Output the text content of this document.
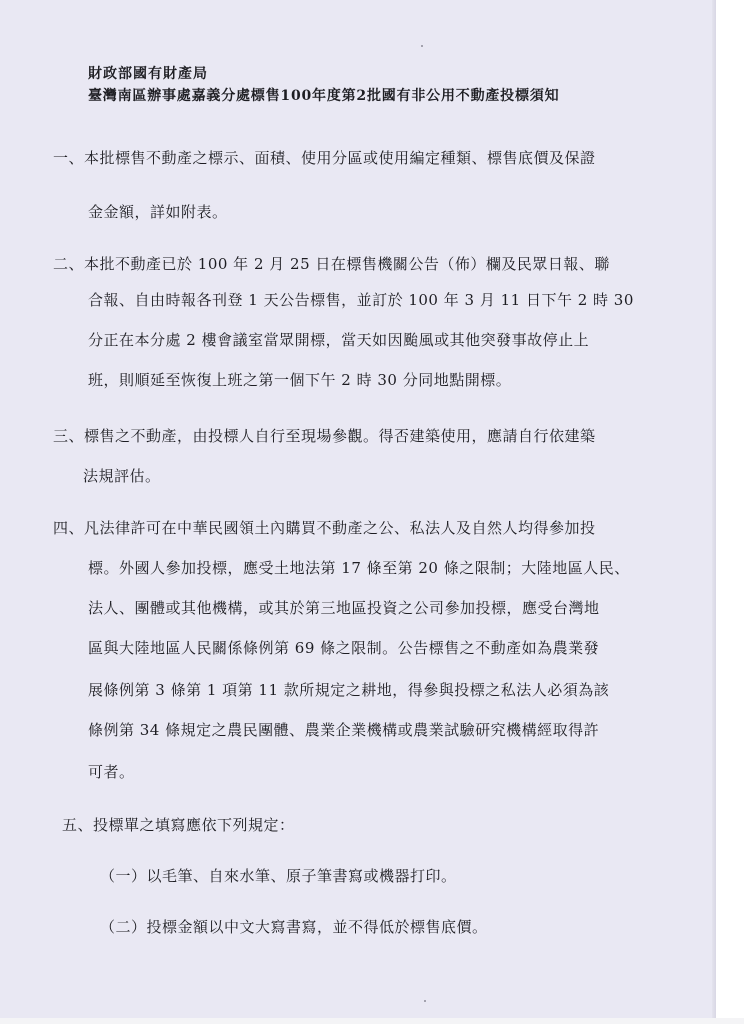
財政部國有財產局
臺灣南區辦事處嘉義分處標售100年度第2批國有非公用不動產投標須知
一、本批標售不動產之標示、面積、使用分區或使用編定種類、標售底價及保證
金金額，詳如附表。
二、本批不動產已於 100 年 2 月 25 日在標售機關公告（佈）欄及民眾日報、聯
合報、自由時報各刊登 1 天公告標售，並訂於 100 年 3 月 11 日下午 2 時 30
分正在本分處 2 樓會議室當眾開標，當天如因颱風或其他突發事故停止上
班，則順延至恢復上班之第一個下午 2 時 30 分同地點開標。
三、標售之不動產，由投標人自行至現場參觀。得否建築使用，應請自行依建築
法規評估。
四、凡法律許可在中華民國領土內購買不動產之公、私法人及自然人均得參加投
標。外國人參加投標，應受土地法第 17 條至第 20 條之限制；大陸地區人民、
法人、團體或其他機構，或其於第三地區投資之公司參加投標，應受台灣地
區與大陸地區人民關係條例第 69 條之限制。公告標售之不動產如為農業發
展條例第 3 條第 1 項第 11 款所規定之耕地，得參與投標之私法人必須為該
條例第 34 條規定之農民團體、農業企業機構或農業試驗研究機構經取得許
可者。
五、投標單之填寫應依下列規定：
（一）以毛筆、自來水筆、原子筆書寫或機器打印。
（二）投標金額以中文大寫書寫，並不得低於標售底價。
